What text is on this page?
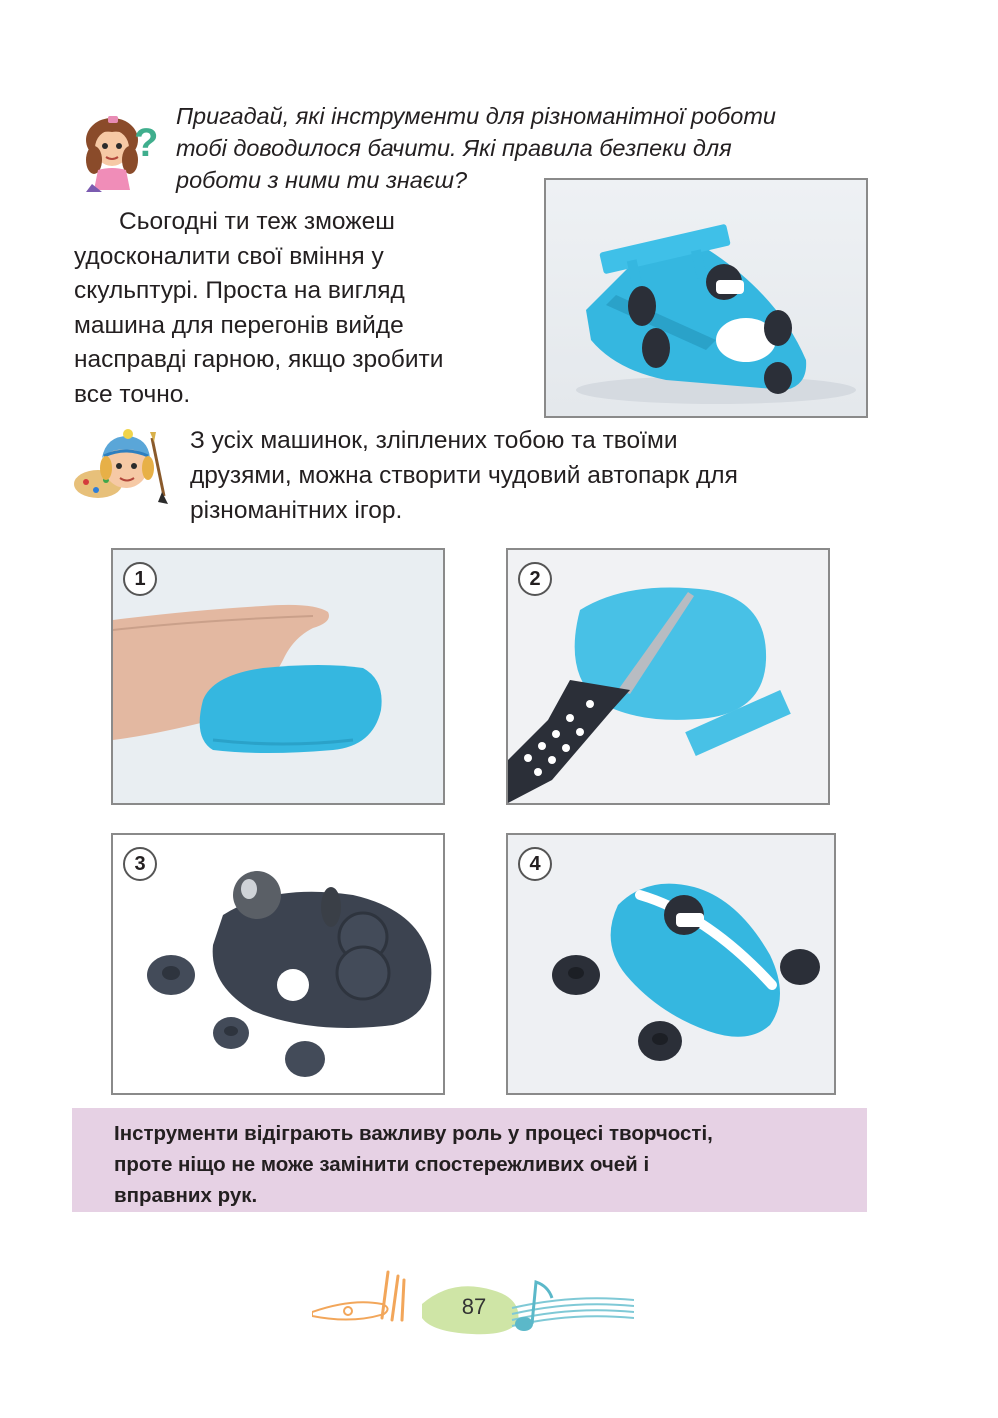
?
Пригадай, які інструменти для різноманітної роботи
тобі доводилося бачити. Які правила безпеки для
роботи з ними ти знаєш?
Сьогодні ти теж зможеш
удосконалити свої вміння у
скульптурі. Проста на вигляд
машина для перегонів вийде
насправді гарною, якщо зробити
все точно.
З усіх машинок, зліплених тобою та твоїми
друзями, можна створити чудовий автопарк для
різноманітних ігор.
1	2
3	4
Інструменти відіграють важливу роль у процесі творчості,
проте ніщо не може замінити спостережливих очей і
вправних рук.
87
